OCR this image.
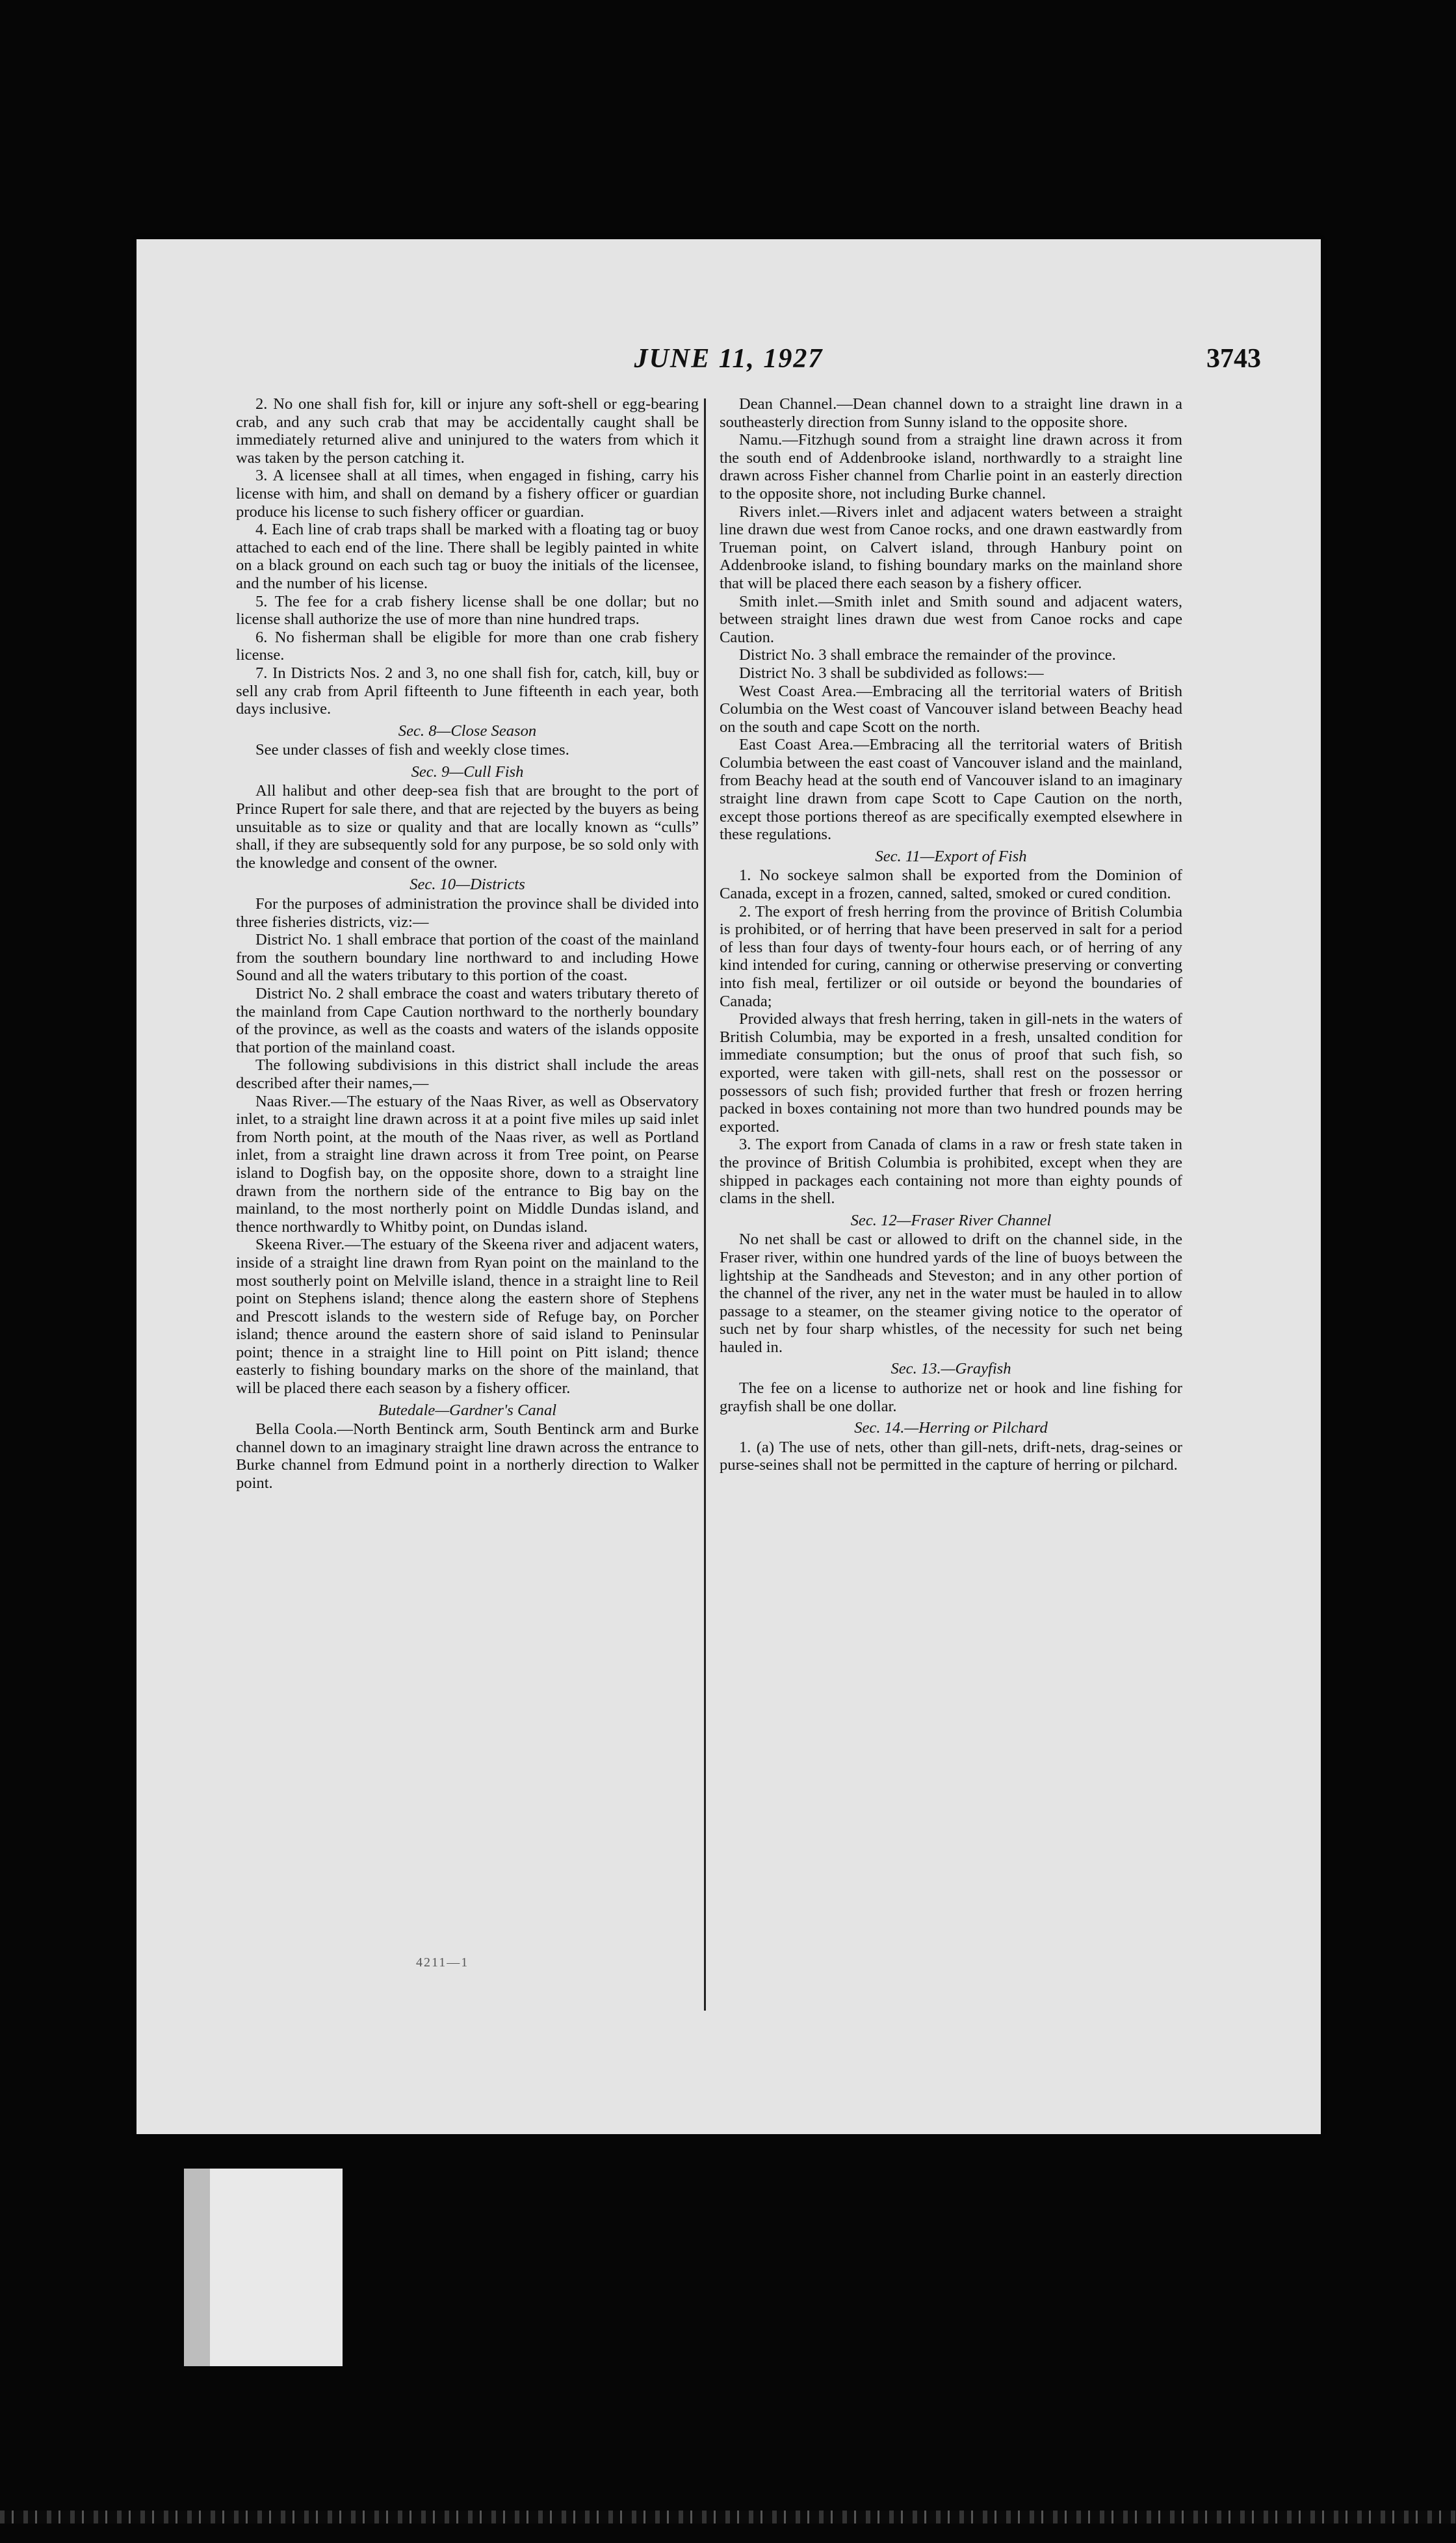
JUNE 11, 1927	3743

2. No one shall fish for, kill or injure any soft-shell or egg-bearing crab, and any such crab that may be accidentally caught shall be immediately returned alive and uninjured to the waters from which it was taken by the person catching it.

3. A licensee shall at all times, when engaged in fishing, carry his license with him, and shall on demand by a fishery officer or guardian produce his license to such fishery officer or guardian.

4. Each line of crab traps shall be marked with a floating tag or buoy attached to each end of the line. There shall be legibly painted in white on a black ground on each such tag or buoy the initials of the licensee, and the number of his license.

5. The fee for a crab fishery license shall be one dollar; but no license shall authorize the use of more than nine hundred traps.

6. No fisherman shall be eligible for more than one crab fishery license.

7. In Districts Nos. 2 and 3, no one shall fish for, catch, kill, buy or sell any crab from April fifteenth to June fifteenth in each year, both days inclusive.

Sec. 8—Close Season

See under classes of fish and weekly close times.

Sec. 9—Cull Fish

All halibut and other deep-sea fish that are brought to the port of Prince Rupert for sale there, and that are rejected by the buyers as being unsuitable as to size or quality and that are locally known as “culls” shall, if they are subsequently sold for any purpose, be so sold only with the knowledge and consent of the owner.

Sec. 10—Districts

For the purposes of administration the province shall be divided into three fisheries districts, viz:—

District No. 1 shall embrace that portion of the coast of the mainland from the southern boundary line northward to and including Howe Sound and all the waters tributary to this portion of the coast.

District No. 2 shall embrace the coast and waters tributary thereto of the mainland from Cape Caution northward to the northerly boundary of the province, as well as the coasts and waters of the islands opposite that portion of the mainland coast.

The following subdivisions in this district shall include the areas described after their names,—

Naas River.—The estuary of the Naas River, as well as Observatory inlet, to a straight line drawn across it at a point five miles up said inlet from North point, at the mouth of the Naas river, as well as Portland inlet, from a straight line drawn across it from Tree point, on Pearse island to Dogfish bay, on the opposite shore, down to a straight line drawn from the northern side of the entrance to Big bay on the mainland, to the most northerly point on Middle Dundas island, and thence northwardly to Whitby point, on Dundas island.

Skeena River.—The estuary of the Skeena river and adjacent waters, inside of a straight line drawn from Ryan point on the mainland to the most southerly point on Melville island, thence in a straight line to Reil point on Stephens island; thence along the eastern shore of Stephens and Prescott islands to the western side of Refuge bay, on Porcher island; thence around the eastern shore of said island to Peninsular point; thence in a straight line to Hill point on Pitt island; thence easterly to fishing boundary marks on the shore of the mainland, that will be placed there each season by a fishery officer.

Butedale—Gardner's Canal

Bella Coola.—North Bentinck arm, South Bentinck arm and Burke channel down to an imaginary straight line drawn across the entrance to Burke channel from Edmund point in a northerly direction to Walker point.

Dean Channel.—Dean channel down to a straight line drawn in a southeasterly direction from Sunny island to the opposite shore.

Namu.—Fitzhugh sound from a straight line drawn across it from the south end of Addenbrooke island, northwardly to a straight line drawn across Fisher channel from Charlie point in an easterly direction to the opposite shore, not including Burke channel.

Rivers inlet.—Rivers inlet and adjacent waters between a straight line drawn due west from Canoe rocks, and one drawn eastwardly from Trueman point, on Calvert island, through Hanbury point on Addenbrooke island, to fishing boundary marks on the mainland shore that will be placed there each season by a fishery officer.

Smith inlet.—Smith inlet and Smith sound and adjacent waters, between straight lines drawn due west from Canoe rocks and cape Caution.

District No. 3 shall embrace the remainder of the province.

District No. 3 shall be subdivided as follows:—

West Coast Area.—Embracing all the territorial waters of British Columbia on the West coast of Vancouver island between Beachy head on the south and cape Scott on the north.

East Coast Area.—Embracing all the territorial waters of British Columbia between the east coast of Vancouver island and the mainland, from Beachy head at the south end of Vancouver island to an imaginary straight line drawn from cape Scott to Cape Caution on the north, except those portions thereof as are specifically exempted elsewhere in these regulations.

Sec. 11—Export of Fish

1. No sockeye salmon shall be exported from the Dominion of Canada, except in a frozen, canned, salted, smoked or cured condition.

2. The export of fresh herring from the province of British Columbia is prohibited, or of herring that have been preserved in salt for a period of less than four days of twenty-four hours each, or of herring of any kind intended for curing, canning or otherwise preserving or converting into fish meal, fertilizer or oil outside or beyond the boundaries of Canada;

Provided always that fresh herring, taken in gill-nets in the waters of British Columbia, may be exported in a fresh, unsalted condition for immediate consumption; but the onus of proof that such fish, so exported, were taken with gill-nets, shall rest on the possessor or possessors of such fish; provided further that fresh or frozen herring packed in boxes containing not more than two hundred pounds may be exported.

3. The export from Canada of clams in a raw or fresh state taken in the province of British Columbia is prohibited, except when they are shipped in packages each containing not more than eighty pounds of clams in the shell.

Sec. 12—Fraser River Channel

No net shall be cast or allowed to drift on the channel side, in the Fraser river, within one hundred yards of the line of buoys between the lightship at the Sandheads and Steveston; and in any other portion of the channel of the river, any net in the water must be hauled in to allow passage to a steamer, on the steamer giving notice to the operator of such net by four sharp whistles, of the necessity for such net being hauled in.

Sec. 13.—Grayfish

The fee on a license to authorize net or hook and line fishing for grayfish shall be one dollar.

Sec. 14.—Herring or Pilchard

1. (a) The use of nets, other than gill-nets, drift-nets, drag-seines or purse-seines shall not be permitted in the capture of herring or pilchard.

4211—1
